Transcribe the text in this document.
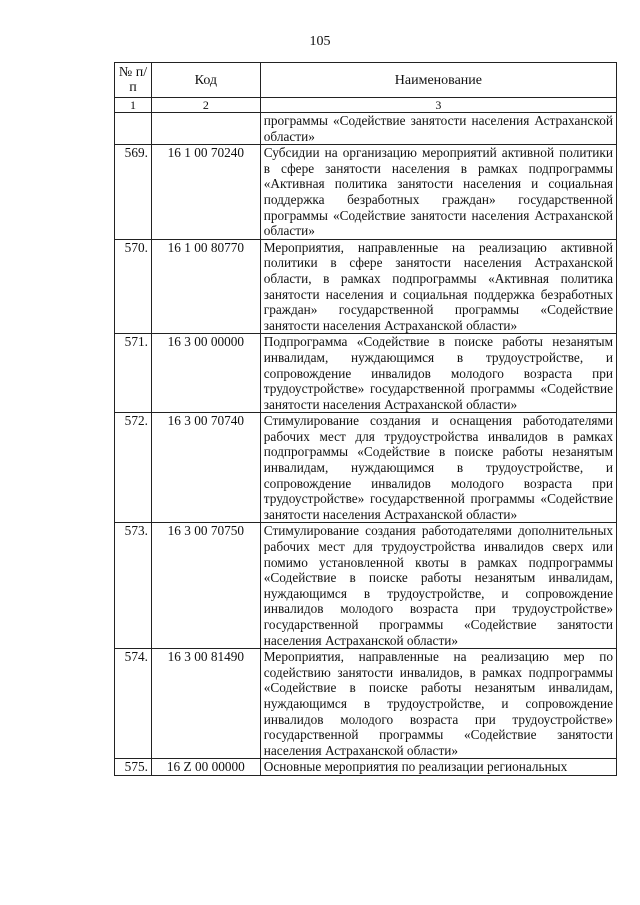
105
№ п/п	Код	Наименование
1	2	3
		программы «Содействие занятости населения Астраханской области»
569.	16 1 00 70240	Субсидии на организацию мероприятий активной политики в сфере занятости населения в рамках подпрограммы «Активная политика занятости населения и социальная поддержка безработных граждан» государственной программы «Содействие занятости населения Астраханской области»
570.	16 1 00 80770	Мероприятия, направленные на реализацию активной политики в сфере занятости населения Астраханской области, в рамках подпрограммы «Активная политика занятости населения и социальная поддержка безработных граждан» государственной программы «Содействие занятости населения Астраханской области»
571.	16 3 00 00000	Подпрограмма «Содействие в поиске работы незанятым инвалидам, нуждающимся в трудоустройстве, и сопровождение инвалидов молодого возраста при трудоустройстве» государственной программы «Содействие занятости населения Астраханской области»
572.	16 3 00 70740	Стимулирование создания и оснащения работодателями рабочих мест для трудоустройства инвалидов в рамках подпрограммы «Содействие в поиске работы незанятым инвалидам, нуждающимся в трудоустройстве, и сопровождение инвалидов молодого возраста при трудоустройстве» государственной программы «Содействие занятости населения Астраханской области»
573.	16 3 00 70750	Стимулирование создания работодателями дополнительных рабочих мест для трудоустройства инвалидов сверх или помимо установленной квоты в рамках подпрограммы «Содействие в поиске работы незанятым инвалидам, нуждающимся в трудоустройстве, и сопровождение инвалидов молодого возраста при трудоустройстве» государственной программы «Содействие занятости населения Астраханской области»
574.	16 3 00 81490	Мероприятия, направленные на реализацию мер по содействию занятости инвалидов, в рамках подпрограммы «Содействие в поиске работы незанятым инвалидам, нуждающимся в трудоустройстве, и сопровождение инвалидов молодого возраста при трудоустройстве» государственной программы «Содействие занятости населения Астраханской области»
575.	16 Z 00 00000	Основные мероприятия по реализации региональных
